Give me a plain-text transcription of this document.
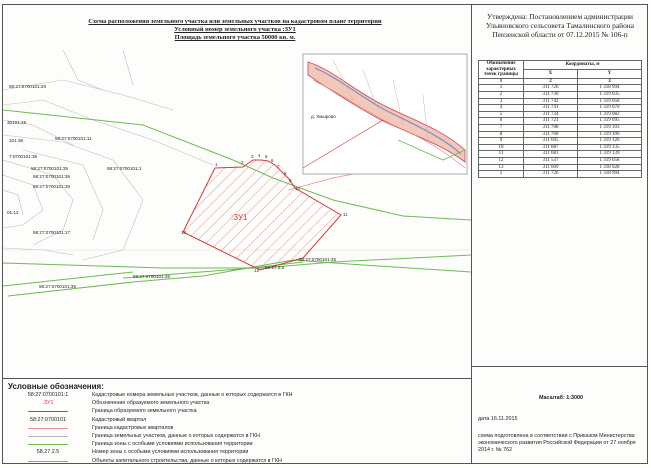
Схема расположения земельного участка или земельных участков на кадастровом плане территории
Условный номер земельного участка :ЗУ1
Площадь земельного участка 50000 кв. м.
:ЗУ1
1	2
3 4 5
6
7
8
9
10
11
12
13
58:27:0700101:20
30101:35
101:36	58:27:0700101:11
7:0700101:35
58:27:0700101:35	58:27:0700101:1
58:27:0700101:36
58:27:0700101:35
01:12
58:27:0700101:17
58:27:0700101:35
58:27:0700101:36
58:27:0700101:35
58.27.2.5
д. Хмырово
Утверждена: Постановлением администрации Ульяновского сельсовета Тамалинского района Пензенской области от 07.12.2015 № 106-п
Обозначение характерных точек границы	Координаты, м	
	X	Y
1	2	3
1	311 726	1 318 994
2	311 730	1 319 035
3	311 742	1 319 058
4	311 741	1 319 070
5	311 734	1 319 082
6	311 721	1 319 095
7	311 708	1 319 103
8	311 700	1 319 106
9	311 695	1 319 126
10	311 687	1 319 135
11	311 681	1 319 139
12	311 537	1 319 058
13	311 609	1 318 928
1	311 726	1 318 994
Масштаб: 1:3000
дата 16.11.2015
схема подготовлена в соответствии с Приказом Министерства экономического развития Российской Федерации от 27 ноября 2014 г. № 762
Условные обозначения:
58:27:0700101:1	Кадастровые номера земельных участков, данные о которых содержатся в ГКН
:ЗУ1	Обозначение образуемого земельного участка
Граница образуемого земельного участка
58:27:0700101	Кадастровый квартал
Граница кадастровых кварталов
Граница земельных участков, данные о которых содержатся в ГКН
Граница зоны с особыми условиями использования территории
58.27.2.5	Номер зоны с особыми условиями использования территории
Объекты капитального строительства, данные о которых содержатся в ГКН
